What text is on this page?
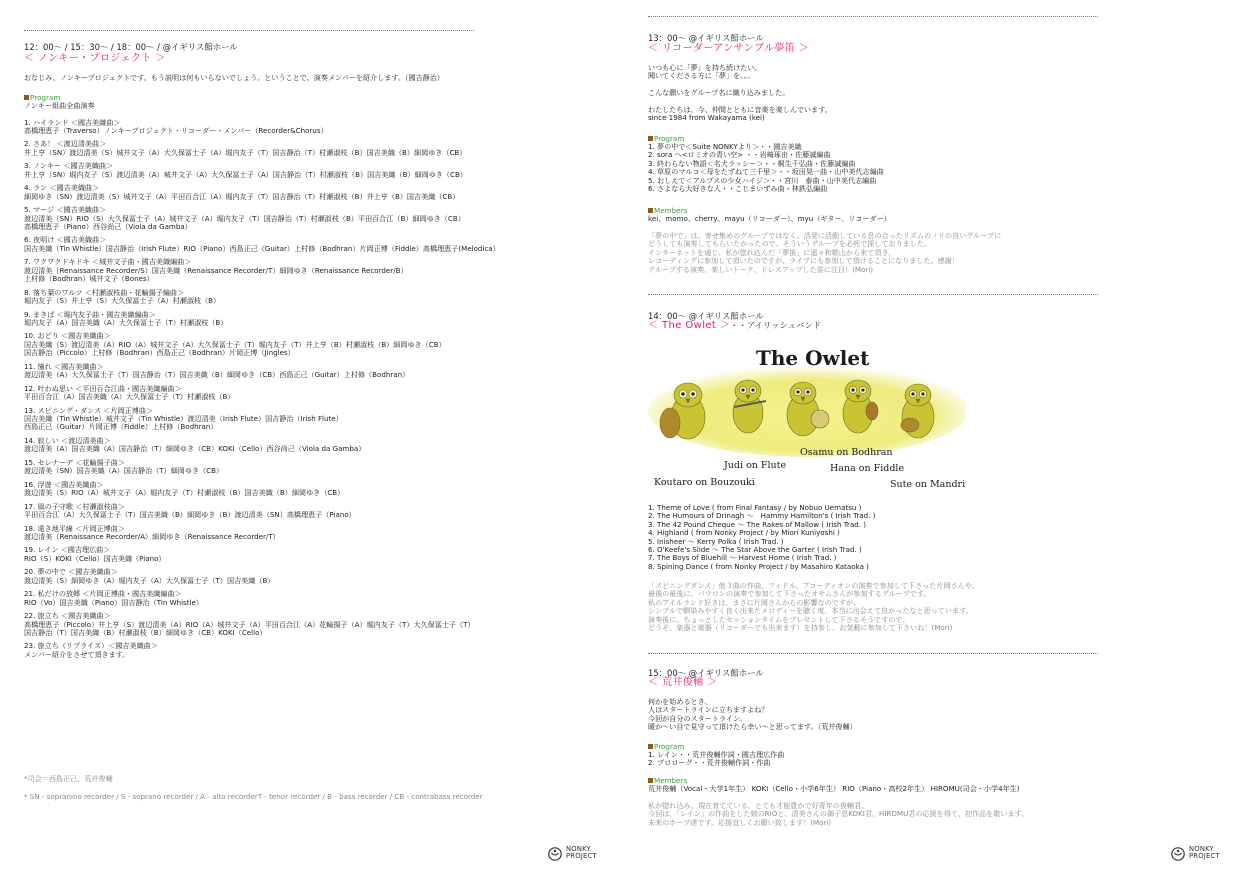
12：00～ / 15：30～ / 18：00～ / @イギリス館ホール
＜ ノンキー・プロジェクト ＞
おなじみ、ノンキープロジェクトです。もう説明は何もいらないでしょう。ということで、演奏メンバーを紹介します。（國吉静治）
Program
ノンキー組曲全曲演奏
1. ハイランド ＜國吉美織曲＞
高橋理恵子（Traverso）ノンキープロジェクト・リコーダー・メンバー（Recorder&Chorus）
2. さあ！ ＜渡辺清美曲＞
井上亨（SN）渡辺清美（S）城井文子（A）大久保冨士子（A）堀内友子（T）国吉静治（T）村瀬淑枝（B）国吉美織（B）細岡ゆき（CB）
3. ノンキー ＜國吉美織曲＞
井上亨（SN）堀内友子（S）渡辺清美（A）城井文子（A）大久保冨士子（A）国吉静治（T）村瀬淑枝（B）国吉美織（B）細岡ゆき（CB）
4. ラン ＜國吉美織曲＞
細岡ゆき（SN）渡辺清美（S）城井文子（A）平田百合江（A）堀内友子（T）国吉静治（T）村瀬淑枝（B）井上亨（B）国吉美織（CB）
5. マージ ＜國吉美織曲＞
渡辺清美（SN）RIO（S）大久保冨士子（A）城井文子（A）堀内友子（T）国吉静治（T）村瀬淑枝（B）平田百合江（B）細岡ゆき（CB）
高橋理恵子（Piano）西谷尚己（Viola da Gamba）
6. 夜明け ＜國吉美織曲＞
国吉美織（Tin Whistle）国吉静治（Irish Flute）RIO（Piano）西島正己（Guitar）上村修（Bodhran）片岡正博（Fiddle）高橋理恵子(Melodica）
7. ワクワクドキドキ ＜城井文子曲・國吉美織編曲＞
渡辺清美（Renaissance Recorder/S）国吉美織（Renaissance Recorder/T）細岡ゆき（Renaissance Recorder/B）
上村修（Bodhran）城井文子（Bones）
8. 落ち葉のワルツ ＜村瀬淑枝曲・花輪揚子編曲＞
堀内友子（S）井上亨（S）大久保冨士子（A）村瀬淑枝（B）
9. まきば ＜堀内友子曲・國吉美織編曲＞
堀内友子（A）国吉美織（A）大久保冨士子（T）村瀬淑枝（B）
10. おどり ＜國吉美織曲＞
国吉美織（S）渡辺清美（A）RIO（A）城井文子（A）大久保冨士子（T）堀内友子（T）井上亨（B）村瀬淑枝（B）細岡ゆき（CB）
国吉静治（Piccolo）上村修（Bodhran）西島正己（Bodhran）片岡正博（Jingles）
11. 憧れ ＜國吉美織曲＞
渡辺清美（A）大久保冨士子（T）国吉静治（T）国吉美織（B）細岡ゆき（CB）西島正己（Guitar）上村修（Bodhran）
12. 叶わぬ思い ＜平田百合江曲・國吉美織編曲＞
平田百合江（A）国吉美織（A）大久保冨士子（T）村瀬淑枝（B）
13. スピニング・ダンス ＜片岡正博曲＞
国吉美織（Tin Whistle）城井文子（Tin Whistle）渡辺清美（Irish Flute）国吉静治（Irish Flute）
西島正己（Guitar）片岡正博（Fiddle）上村修（Bodhran）
14. 寂しい ＜渡辺清美曲＞
渡辺清美（A）国吉美織（A）国吉静治（T）細岡ゆき（CB）KOKI（Cello）西谷尚己（Viola da Gamba）
15. セレナーデ ＜花輪揚子曲＞
渡辺清美（SN）国吉美織（A）国吉静治（T）細岡ゆき（CB）
16. 浮遊 ＜國吉美織曲＞
渡辺清美（S）RIO（A）城井文子（A）堀内友子（T）村瀬淑枝（B）国吉美織（B）細岡ゆき（CB）
17. 風の子守歌 ＜村瀬淑枝曲＞
平田百合江（A）大久保冨士子（T）国吉美織（B）細岡ゆき（B）渡辺清美（SN）高橋理恵子（Piano）
18. 遠き地平線 ＜片岡正博曲＞
渡辺清美（Renaissance Recorder/A）細岡ゆき（Renaissance Recorder/T）
19. レイン ＜國吉理広曲＞
RIO（S）KOKI（Cello）国吉美織（Piano）
20. 夢の中で ＜國吉美織曲＞
渡辺清美（S）細岡ゆき（A）堀内友子（A）大久保冨士子（T）国吉美織（B）
21. 私だけの放郷 ＜片岡正博曲・國吉美織編曲＞
RIO（Vo）国吉美織（Piano）国吉静治（Tin Whistle）
22. 旅立ち ＜國吉美織曲＞
高橋理恵子（Piccolo）井上亨（S）渡辺清美（A）RIO（A）城井文子（A）平田百合江（A）花輪揚子（A）堀内友子（T）大久保冨士子（T）
国吉静治（T）国吉美織（B）村瀬淑枝（B）細岡ゆき（CB）KOKI（Cello）
23. 旅立ち（リプライズ）＜國吉美織曲＞
メンバー紹介をさせて頂きます。
*司会＝西島正己、荒井俊輔
* SN - sopranino recorder / S - soprano recorder / A - alto recorderT - tenor recorder / B - bass recorder / CB - contrabass recorder
NONKY
PROJECT
13：00～ @イギリス館ホール
＜ リコーダーアンサンブル夢笛 ＞
いつも心に「夢」を持ち続けたい。
聞いてくださる方に「夢」を。。。
こんな願いをグループ名に織り込みました。
わたしたちは、今、仲間とともに音楽を楽しんでいます。
since 1984 from Wakayama (kei)
Program
1. 夢の中で＜Suite NONKYより＞・・國吉美織
2. sora へ<ロミオの青い空> ・・岩崎琢由・佐藤誠編曲
3. 終わらない物語＜名犬ラッシー＞・・桐生千弘曲・佐藤誠編曲
4. 草原のマルコ＜母をたずねて三千里＞・・坂田晃一曲・山中美代志編曲
5. おしえて＜アルプスの少女ハイジ＞・・宮川　泰曲・山中美代志編曲
6. さよなら大好きな人・・こじまいずみ曲・林鉄弘編曲
Members
kei、momo、cherry、mayu（リコーダー）、myu（ギター、リコーダー）
「夢の中で」は、寄せ集めのグループではなく、活発に活動している息の合ったリズムのノリの良いグループに
どうしても演奏してもらいたかったので、そういうグループを必死で探しておりました。
インターネットを通じ、私が惚れ込んだ「夢笛」に遥々和歌山から来て頂き、
レコーディングに参加して頂いたのですが、ライブにも参加して頂けることになりました。感謝！
グループする演奏、楽しいトーク、ドレスアップした姿に注目！(Mori)
14：00～ @イギリス館ホール
＜ The Owlet ＞・・アイリッシュバンド
1. Theme of Love ( from Final Fantasy / by Nobuo Uematsu )
2. The Humours of Drinagh ～　Hammy Hamilton's ( Irish Trad. )
3. The 42 Pound Cheque ～ The Rakes of Mallow ( Irish Trad. )
4. Highland ( from Nonky Project / by Miori Kuniyoshi )
5. Inisheer ～ Kerry Polka ( Irish Trad. )
6. O'Keefe's Slide ～ The Star Above the Garter ( Irish Trad. )
7. The Boys of Bluehill ～ Harvest Home ( Irish Trad. )
8. Spining Dance ( from Nonky Project / by Masahiro Kataoka )
「スピニングダンス」他３曲の作曲、フィドル、アコーディオンの演奏で参加して下さった片岡さんや、
最後の最後に、バウロンの演奏で参加して下さったオサムさんが参加するグループです。
私のアイルランド好きは、まさに片岡さんからの影響なのですが、
シンプルで馴染みやすく良く出来たメロディーを聴く度、本当に出会えて良かったなと思っています。
演奏後に、ちょっとしたセッションタイムをプレゼントして下さるそうですので、
どうぞ、楽器と楽器（リコーダーでも出来ます）を持参し、お気軽に参加して下さいね！(Mori)
15：00～ @イギリス館ホール
＜ 荒井俊輔 ＞
何かを始めるとき、
人はスタートラインに立ちますよね？
今回が自分のスタートライン。
暖か～い目で見守って頂けたら幸い～と思ってます。（荒井俊輔）
Program
1. レイン・・荒井俊輔作詞・國吉理広作曲
2. プロローグ・・荒井俊輔作詞・作曲
Members
荒井俊輔（Vocal・大学1年生） KOKI（Cello・小学6年生） RIO（Piano・高校2年生） HIROMU(司会・小学4年生)
私が惚れ込み、現在育てている、とても才能豊かで好青年の俊輔君。
今回は、「レイン」の作曲をした娘のRIOと、清美さんの御子息KOKI君、HIROMU君の応援を得て、初作品を歌います。
未来のホープ達です。応援宜しくお願い致します！(Mori)
The Owlet
Osamu on Bodhran
Judi on Flute	Hana on Fiddle
Koutaro on Bouzouki	Sute on Mandrin
NONKY
PROJECT
